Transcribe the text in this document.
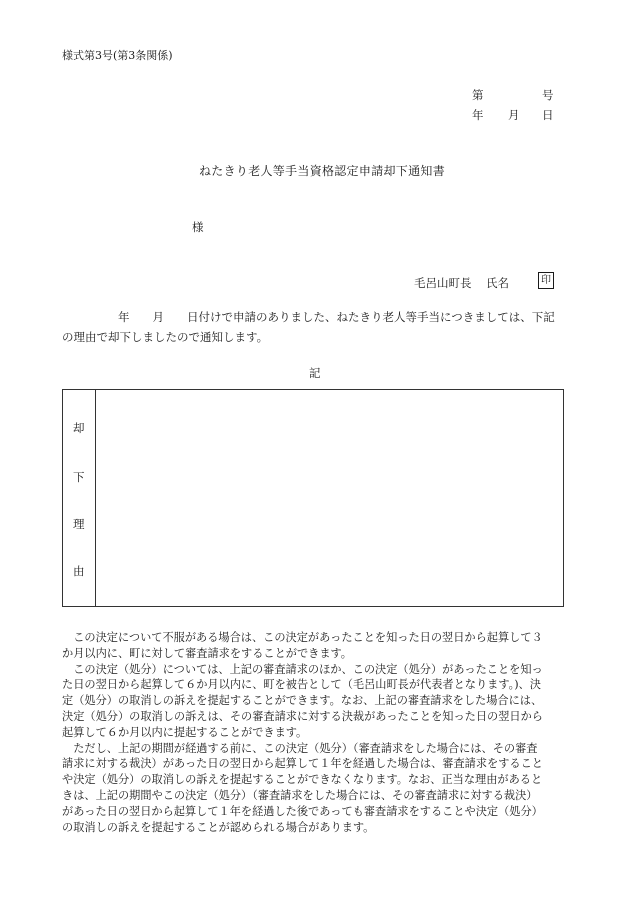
様式第3号(第3条関係)
第	号
年 月 日
ねたきり老人等手当資格認定申請却下通知書
様
毛呂山町長 氏名	印
年　　月　　日付けで申請のありました、ねたきり老人等手当につきましては、下記
の理由で却下しましたので通知します。
記
却
下
理
由
　この決定について不服がある場合は、この決定があったことを知った日の翌日から起算して３
か月以内に、町に対して審査請求をすることができます。
　この決定（処分）については、上記の審査請求のほか、この決定（処分）があったことを知っ
た日の翌日から起算して６か月以内に、町を被告として（毛呂山町長が代表者となります。)、決
定（処分）の取消しの訴えを提起することができます。なお、上記の審査請求をした場合には、
決定（処分）の取消しの訴えは、その審査請求に対する決裁があったことを知った日の翌日から
起算して６か月以内に提起することができます。
　ただし、上記の期間が経過する前に、この決定（処分）（審査請求をした場合には、その審査
請求に対する裁決）があった日の翌日から起算して１年を経過した場合は、審査請求をすること
や決定（処分）の取消しの訴えを提起することができなくなります。なお、正当な理由があると
きは、上記の期間やこの決定（処分）（審査請求をした場合には、その審査請求に対する裁決）
があった日の翌日から起算して１年を経過した後であっても審査請求をすることや決定（処分）
の取消しの訴えを提起することが認められる場合があります。
